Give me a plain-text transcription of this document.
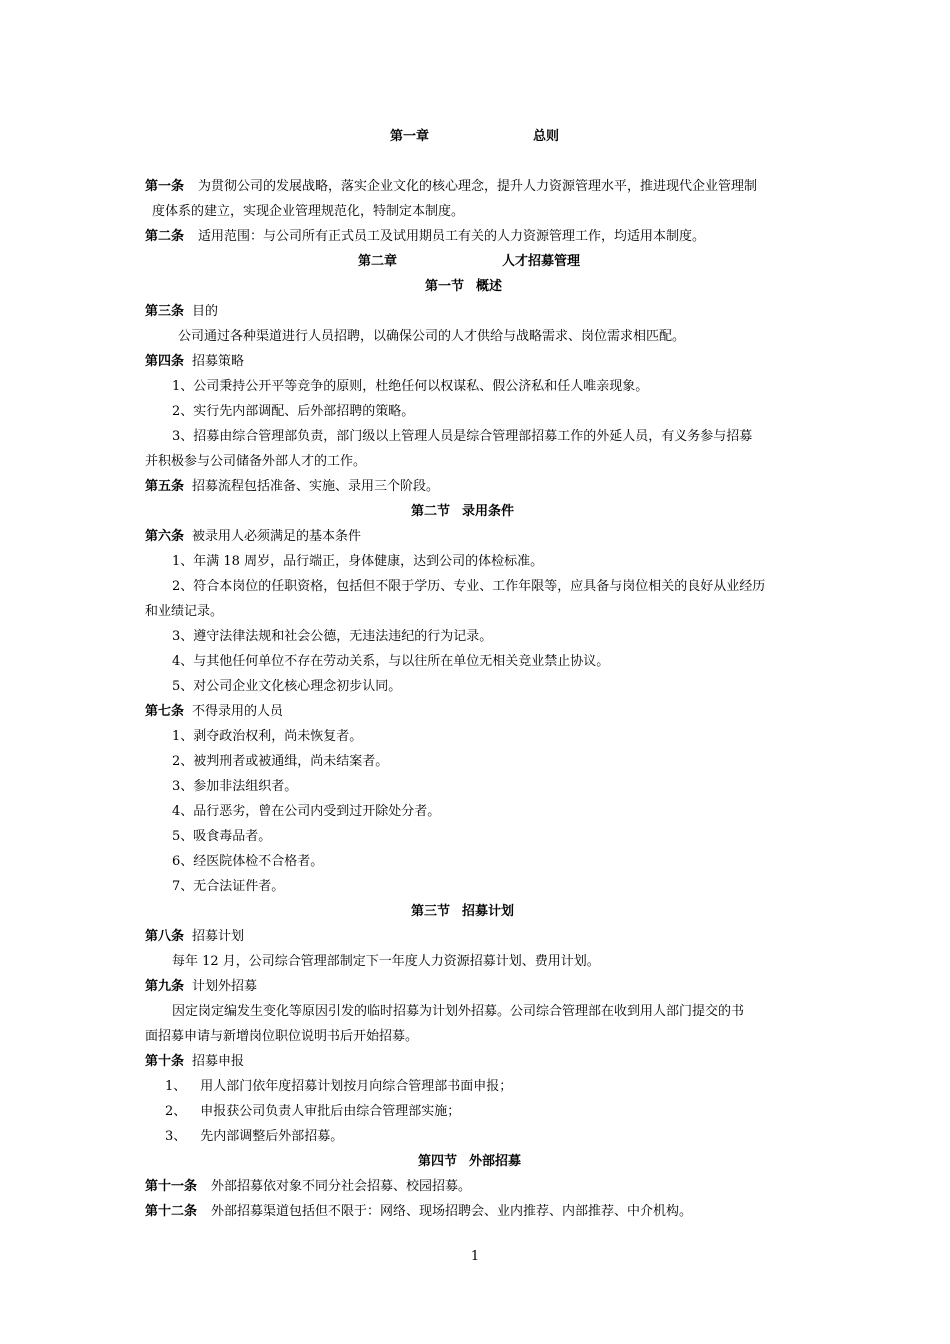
第一章	总则
第一条 为贯彻公司的发展战略，落实企业文化的核心理念，提升人力资源管理水平，推进现代企业管理制
度体系的建立，实现企业管理规范化，特制定本制度。
第二条 适用范围：与公司所有正式员工及试用期员工有关的人力资源管理工作，均适用本制度。
第二章	人才招募管理
第一节 概述
第三条 目的
公司通过各种渠道进行人员招聘，以确保公司的人才供给与战略需求、岗位需求相匹配。
第四条 招募策略
1、公司秉持公开平等竞争的原则，杜绝任何以权谋私、假公济私和任人唯亲现象。
2、实行先内部调配、后外部招聘的策略。
3、招募由综合管理部负责，部门级以上管理人员是综合管理部招募工作的外延人员，有义务参与招募
并积极参与公司储备外部人才的工作。
第五条 招募流程包括准备、实施、录用三个阶段。
第二节 录用条件
第六条 被录用人必须满足的基本条件
1、年满 18 周岁，品行端正，身体健康，达到公司的体检标准。
2、符合本岗位的任职资格，包括但不限于学历、专业、工作年限等，应具备与岗位相关的良好从业经历
和业绩记录。
3、遵守法律法规和社会公德，无违法违纪的行为记录。
4、与其他任何单位不存在劳动关系，与以往所在单位无相关竞业禁止协议。
5、对公司企业文化核心理念初步认同。
第七条 不得录用的人员
1、剥夺政治权利，尚未恢复者。
2、被判刑者或被通缉，尚未结案者。
3、参加非法组织者。
4、品行恶劣，曾在公司内受到过开除处分者。
5、吸食毒品者。
6、经医院体检不合格者。
7、无合法证件者。
第三节 招募计划
第八条 招募计划
每年 12 月，公司综合管理部制定下一年度人力资源招募计划、费用计划。
第九条 计划外招募
因定岗定编发生变化等原因引发的临时招募为计划外招募。公司综合管理部在收到用人部门提交的书
面招募申请与新增岗位职位说明书后开始招募。
第十条 招募申报
1、 用人部门依年度招募计划按月向综合管理部书面申报；
2、 申报获公司负责人审批后由综合管理部实施；
3、 先内部调整后外部招募。
第四节 外部招募
第十一条 外部招募依对象不同分社会招募、校园招募。
第十二条 外部招募渠道包括但不限于：网络、现场招聘会、业内推荐、内部推荐、中介机构。
1
